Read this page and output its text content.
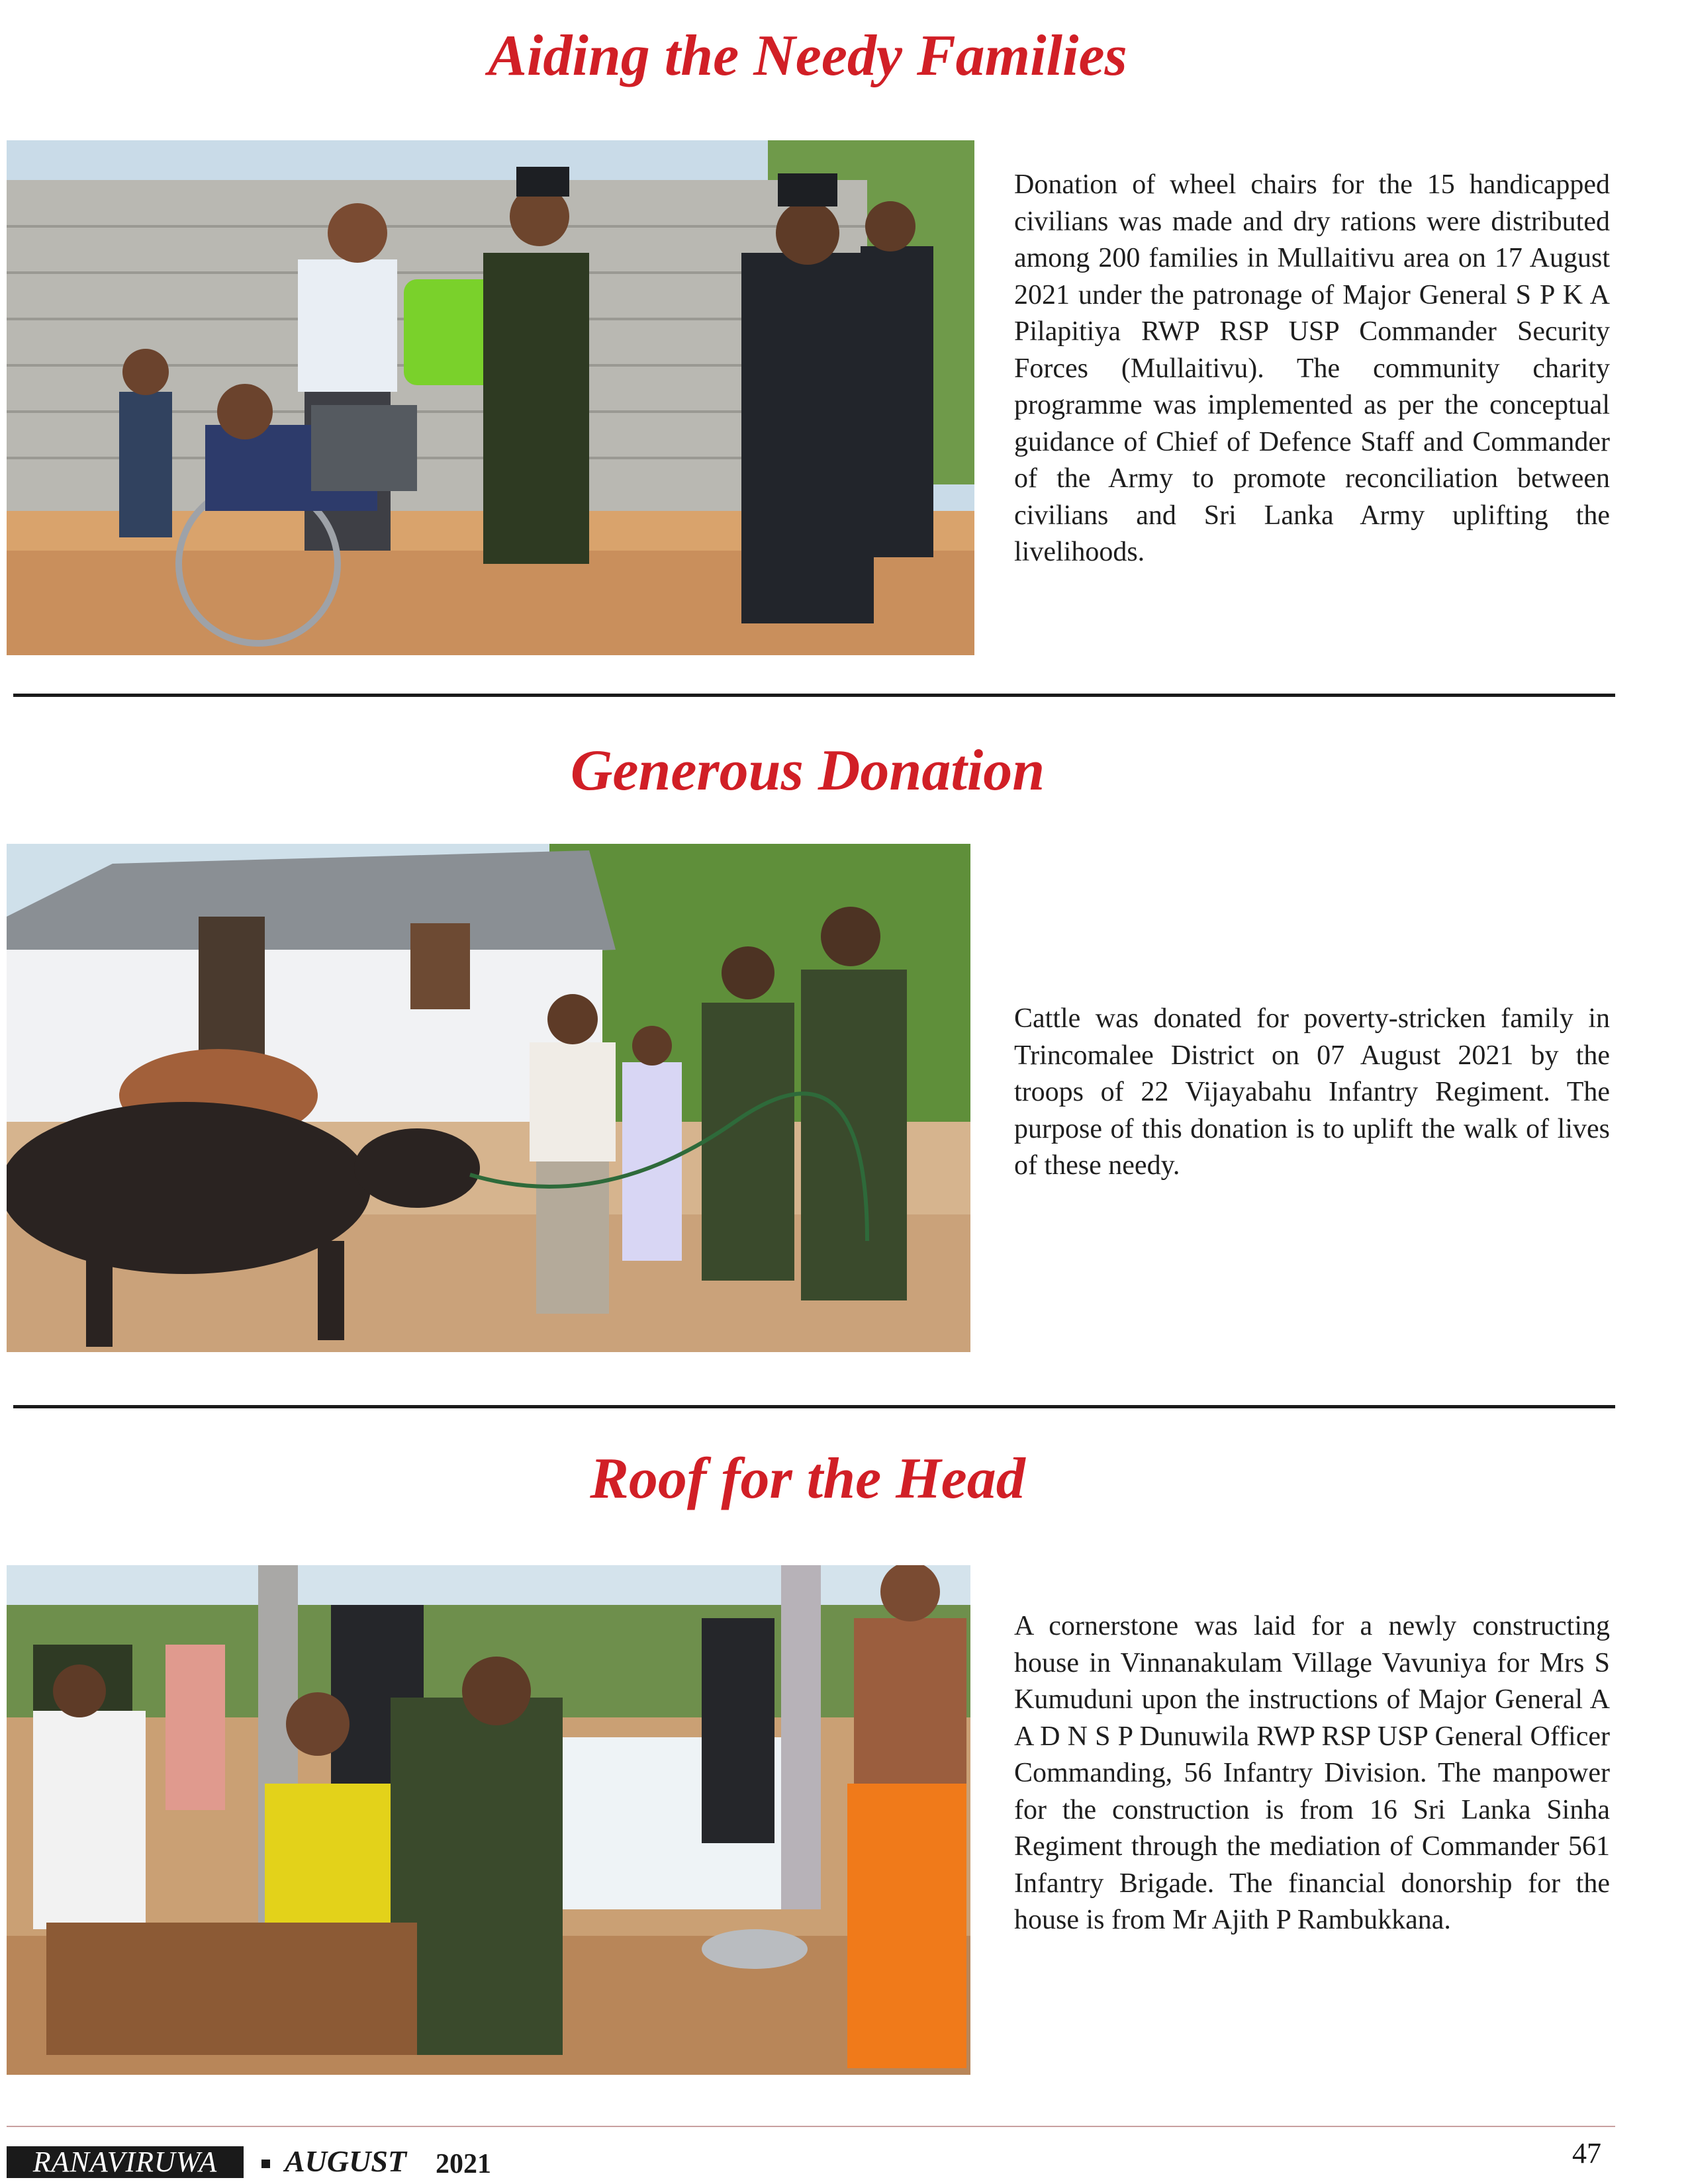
Aiding the Needy Families

Donation of wheel chairs for the 15 handicapped civilians was made and dry rations were distributed among 200 families in Mullaitivu area on 17 August 2021 under the patronage of Major General S P K A Pilapitiya RWP RSP USP Commander Security Forces (Mullaitivu). The community charity programme was implemented as per the conceptual guidance of Chief of Defence Staff and Commander of the Army to promote reconciliation between civilians and Sri Lanka Army uplifting the livelihoods.

Generous Donation

Cattle was donated for poverty-stricken family in Trincomalee District on 07 August 2021 by the troops of 22 Vijayabahu Infantry Regiment. The purpose of this donation is to uplift the walk of lives of these needy.

Roof for the Head

A cornerstone was laid for a newly constructing house in Vinnanakulam Village Vavuniya for Mrs S Kumuduni upon the instructions of Major General A A D N S P Dunuwila RWP RSP USP General Officer Commanding, 56 Infantry Division. The manpower for the construction is from 16 Sri Lanka Sinha Regiment through the mediation of Commander 561 Infantry Brigade. The financial donorship for the house is from Mr Ajith P Rambukkana.

RANAVIRUWA	AUGUST 2021	47
